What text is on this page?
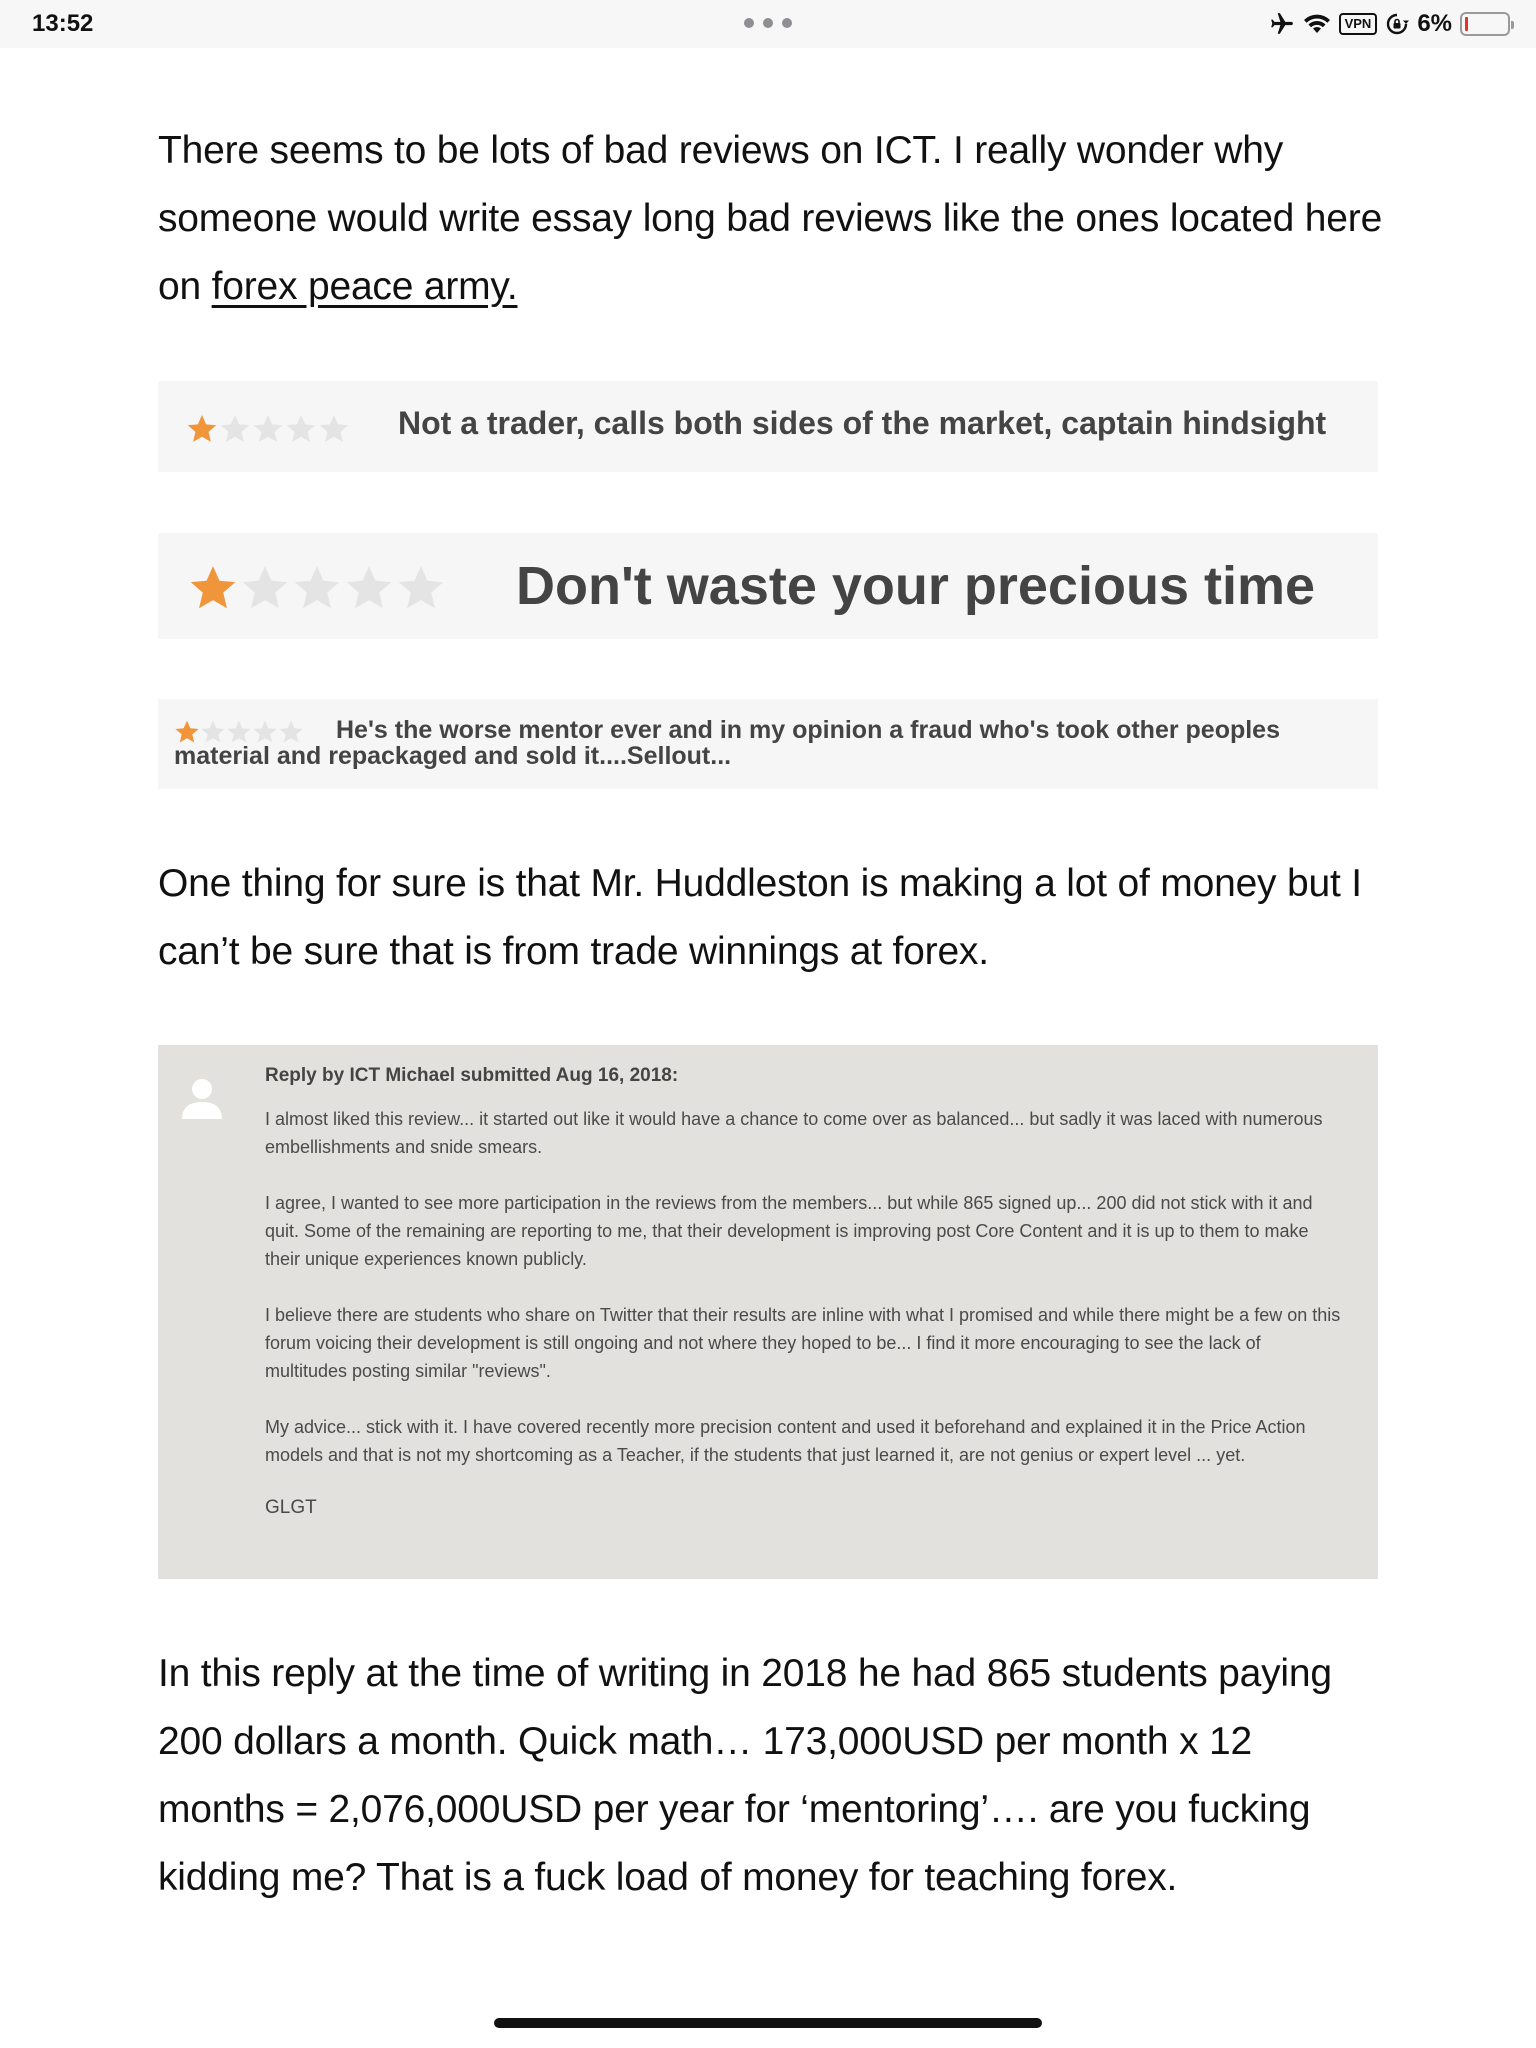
13:52	VPN 6%

There seems to be lots of bad reviews on ICT. I really wonder why someone would write essay long bad reviews like the ones located here on forex peace army.

Not a trader, calls both sides of the market, captain hindsight
Don't waste your precious time
He's the worse mentor ever and in my opinion a fraud who's took other peoples material and repackaged and sold it....Sellout...

One thing for sure is that Mr. Huddleston is making a lot of money but I can’t be sure that is from trade winnings at forex.

Reply by ICT Michael submitted Aug 16, 2018:

I almost liked this review... it started out like it would have a chance to come over as balanced... but sadly it was laced with numerous embellishments and snide smears.

I agree, I wanted to see more participation in the reviews from the members... but while 865 signed up... 200 did not stick with it and quit. Some of the remaining are reporting to me, that their development is improving post Core Content and it is up to them to make their unique experiences known publicly.

I believe there are students who share on Twitter that their results are inline with what I promised and while there might be a few on this forum voicing their development is still ongoing and not where they hoped to be... I find it more encouraging to see the lack of multitudes posting similar "reviews".

My advice... stick with it. I have covered recently more precision content and used it beforehand and explained it in the Price Action models and that is not my shortcoming as a Teacher, if the students that just learned it, are not genius or expert level ... yet.

GLGT

In this reply at the time of writing in 2018 he had 865 students paying 200 dollars a month. Quick math… 173,000USD per month x 12 months = 2,076,000USD per year for ‘mentoring’…. are you fucking kidding me? That is a fuck load of money for teaching forex.
